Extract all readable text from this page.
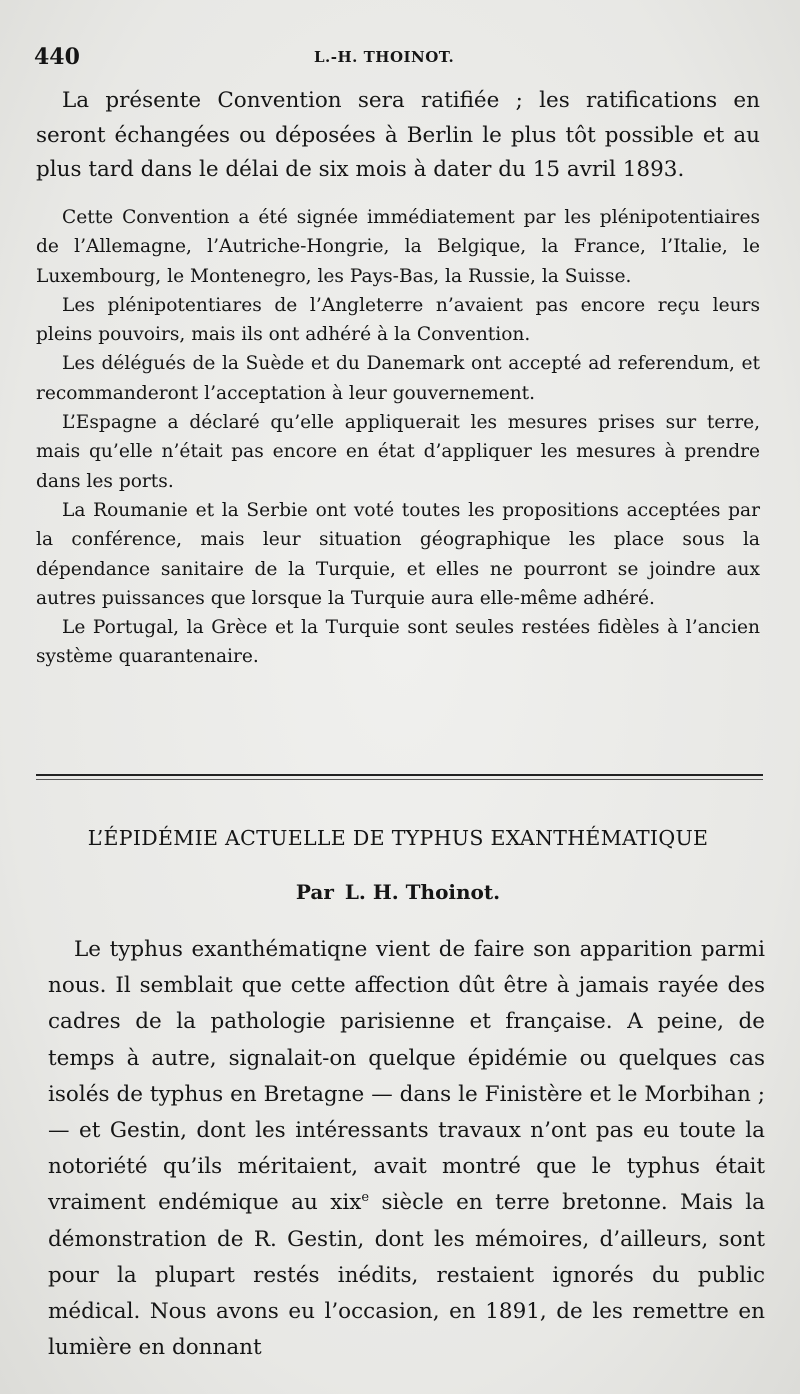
440	L.-H. THOINOT.

La présente Convention sera ratifiée ; les ratifications en seront échangées ou déposées à Berlin le plus tôt possible et au plus tard dans le délai de six mois à dater du 15 avril 1893.

Cette Convention a été signée immédiatement par les plénipotentiaires de l’Allemagne, l’Autriche-Hongrie, la Belgique, la France, l’Italie, le Luxembourg, le Montenegro, les Pays-Bas, la Russie, la Suisse.

Les plénipotentiares de l’Angleterre n’avaient pas encore reçu leurs pleins pouvoirs, mais ils ont adhéré à la Convention.

Les délégués de la Suède et du Danemark ont accepté ad referendum, et recommanderont l’acceptation à leur gouvernement.

L’Espagne a déclaré qu’elle appliquerait les mesures prises sur terre, mais qu’elle n’était pas encore en état d’appliquer les mesures à prendre dans les ports.

La Roumanie et la Serbie ont voté toutes les propositions acceptées par la conférence, mais leur situation géographique les place sous la dépendance sanitaire de la Turquie, et elles ne pourront se joindre aux autres puissances que lorsque la Turquie aura elle-même adhéré.

Le Portugal, la Grèce et la Turquie sont seules restées fidèles à l’ancien système quarantenaire.

L’ÉPIDÉMIE ACTUELLE DE TYPHUS EXANTHÉMATIQUE
Par L. H. Thoinot.

Le typhus exanthématiqne vient de faire son apparition parmi nous. Il semblait que cette affection dût être à jamais rayée des cadres de la pathologie parisienne et française. A peine, de temps à autre, signalait-on quelque épidémie ou quelques cas isolés de typhus en Bretagne — dans le Finistère et le Morbihan ; — et Gestin, dont les intéressants travaux n’ont pas eu toute la notoriété qu’ils méritaient, avait montré que le typhus était vraiment endémique au xix$^e$ siècle en terre bretonne. Mais la démonstration de R. Gestin, dont les mémoires, d’ailleurs, sont pour la plupart restés inédits, restaient ignorés du public médical. Nous avons eu l’occasion, en 1891, de les remettre en lumière en donnant
